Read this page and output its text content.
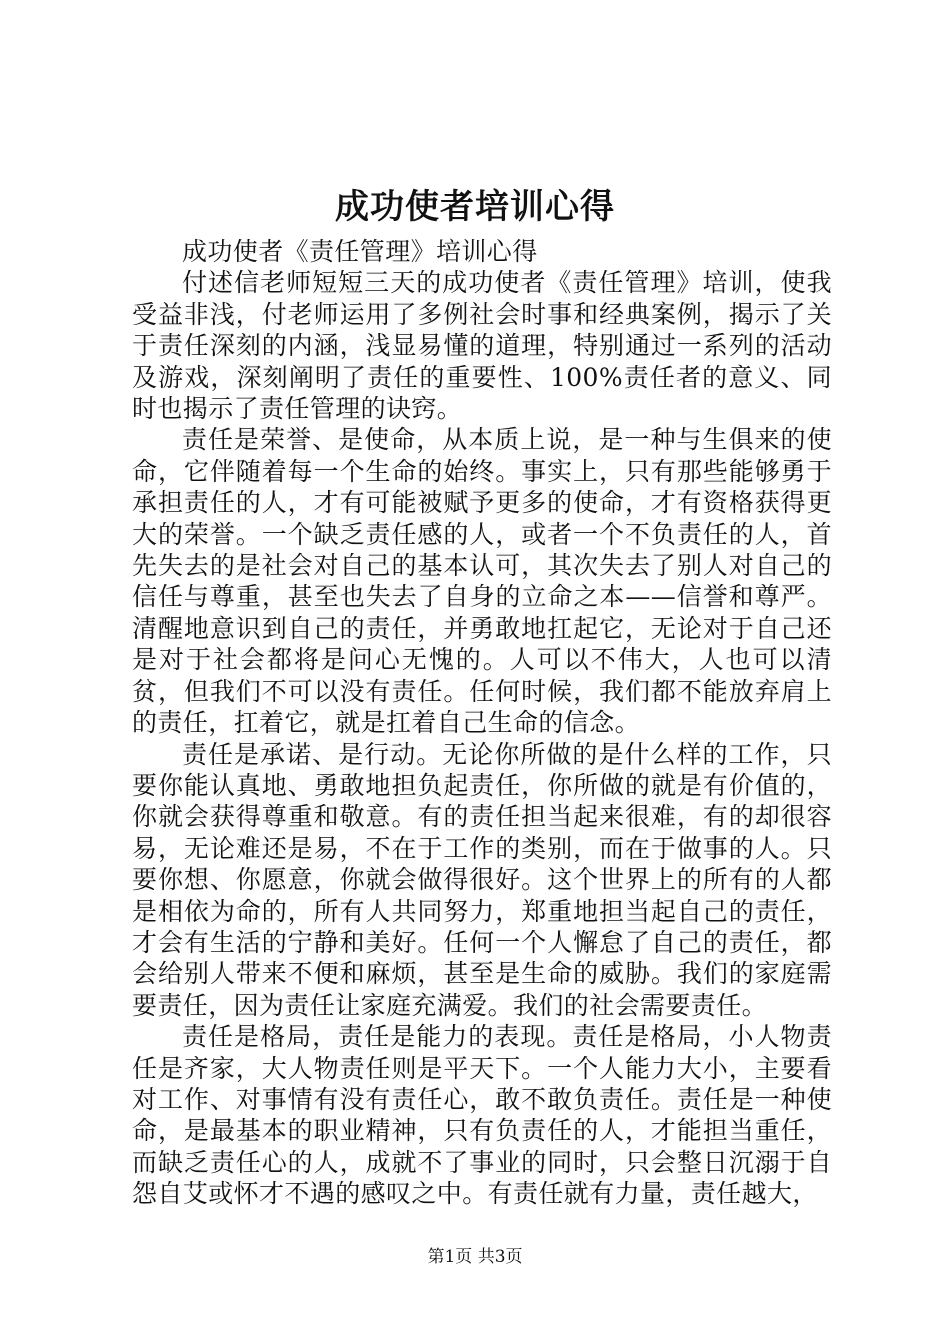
成功使者培训心得

成功使者《责任管理》培训心得

付述信老师短短三天的成功使者《责任管理》培训，使我受益非浅，付老师运用了多例社会时事和经典案例，揭示了关于责任深刻的内涵，浅显易懂的道理，特别通过一系列的活动及游戏，深刻阐明了责任的重要性、100%责任者的意义、同时也揭示了责任管理的诀窍。

责任是荣誉、是使命，从本质上说，是一种与生俱来的使命，它伴随着每一个生命的始终。事实上，只有那些能够勇于承担责任的人，才有可能被赋予更多的使命，才有资格获得更大的荣誉。一个缺乏责任感的人，或者一个不负责任的人，首先失去的是社会对自己的基本认可，其次失去了别人对自己的信任与尊重，甚至也失去了自身的立命之本——信誉和尊严。清醒地意识到自己的责任，并勇敢地扛起它，无论对于自己还是对于社会都将是问心无愧的。人可以不伟大，人也可以清贫，但我们不可以没有责任。任何时候，我们都不能放弃肩上的责任，扛着它，就是扛着自己生命的信念。

责任是承诺、是行动。无论你所做的是什么样的工作，只要你能认真地、勇敢地担负起责任，你所做的就是有价值的，你就会获得尊重和敬意。有的责任担当起来很难，有的却很容易，无论难还是易，不在于工作的类别，而在于做事的人。只要你想、你愿意，你就会做得很好。这个世界上的所有的人都是相依为命的，所有人共同努力，郑重地担当起自己的责任，才会有生活的宁静和美好。任何一个人懈怠了自己的责任，都会给别人带来不便和麻烦，甚至是生命的威胁。我们的家庭需要责任，因为责任让家庭充满爱。我们的社会需要责任。

责任是格局，责任是能力的表现。责任是格局，小人物责任是齐家，大人物责任则是平天下。一个人能力大小，主要看对工作、对事情有没有责任心，敢不敢负责任。责任是一种使命，是最基本的职业精神，只有负责任的人，才能担当重任，而缺乏责任心的人，成就不了事业的同时，只会整日沉溺于自怨自艾或怀才不遇的感叹之中。有责任就有力量，责任越大，

第1页 共3页
